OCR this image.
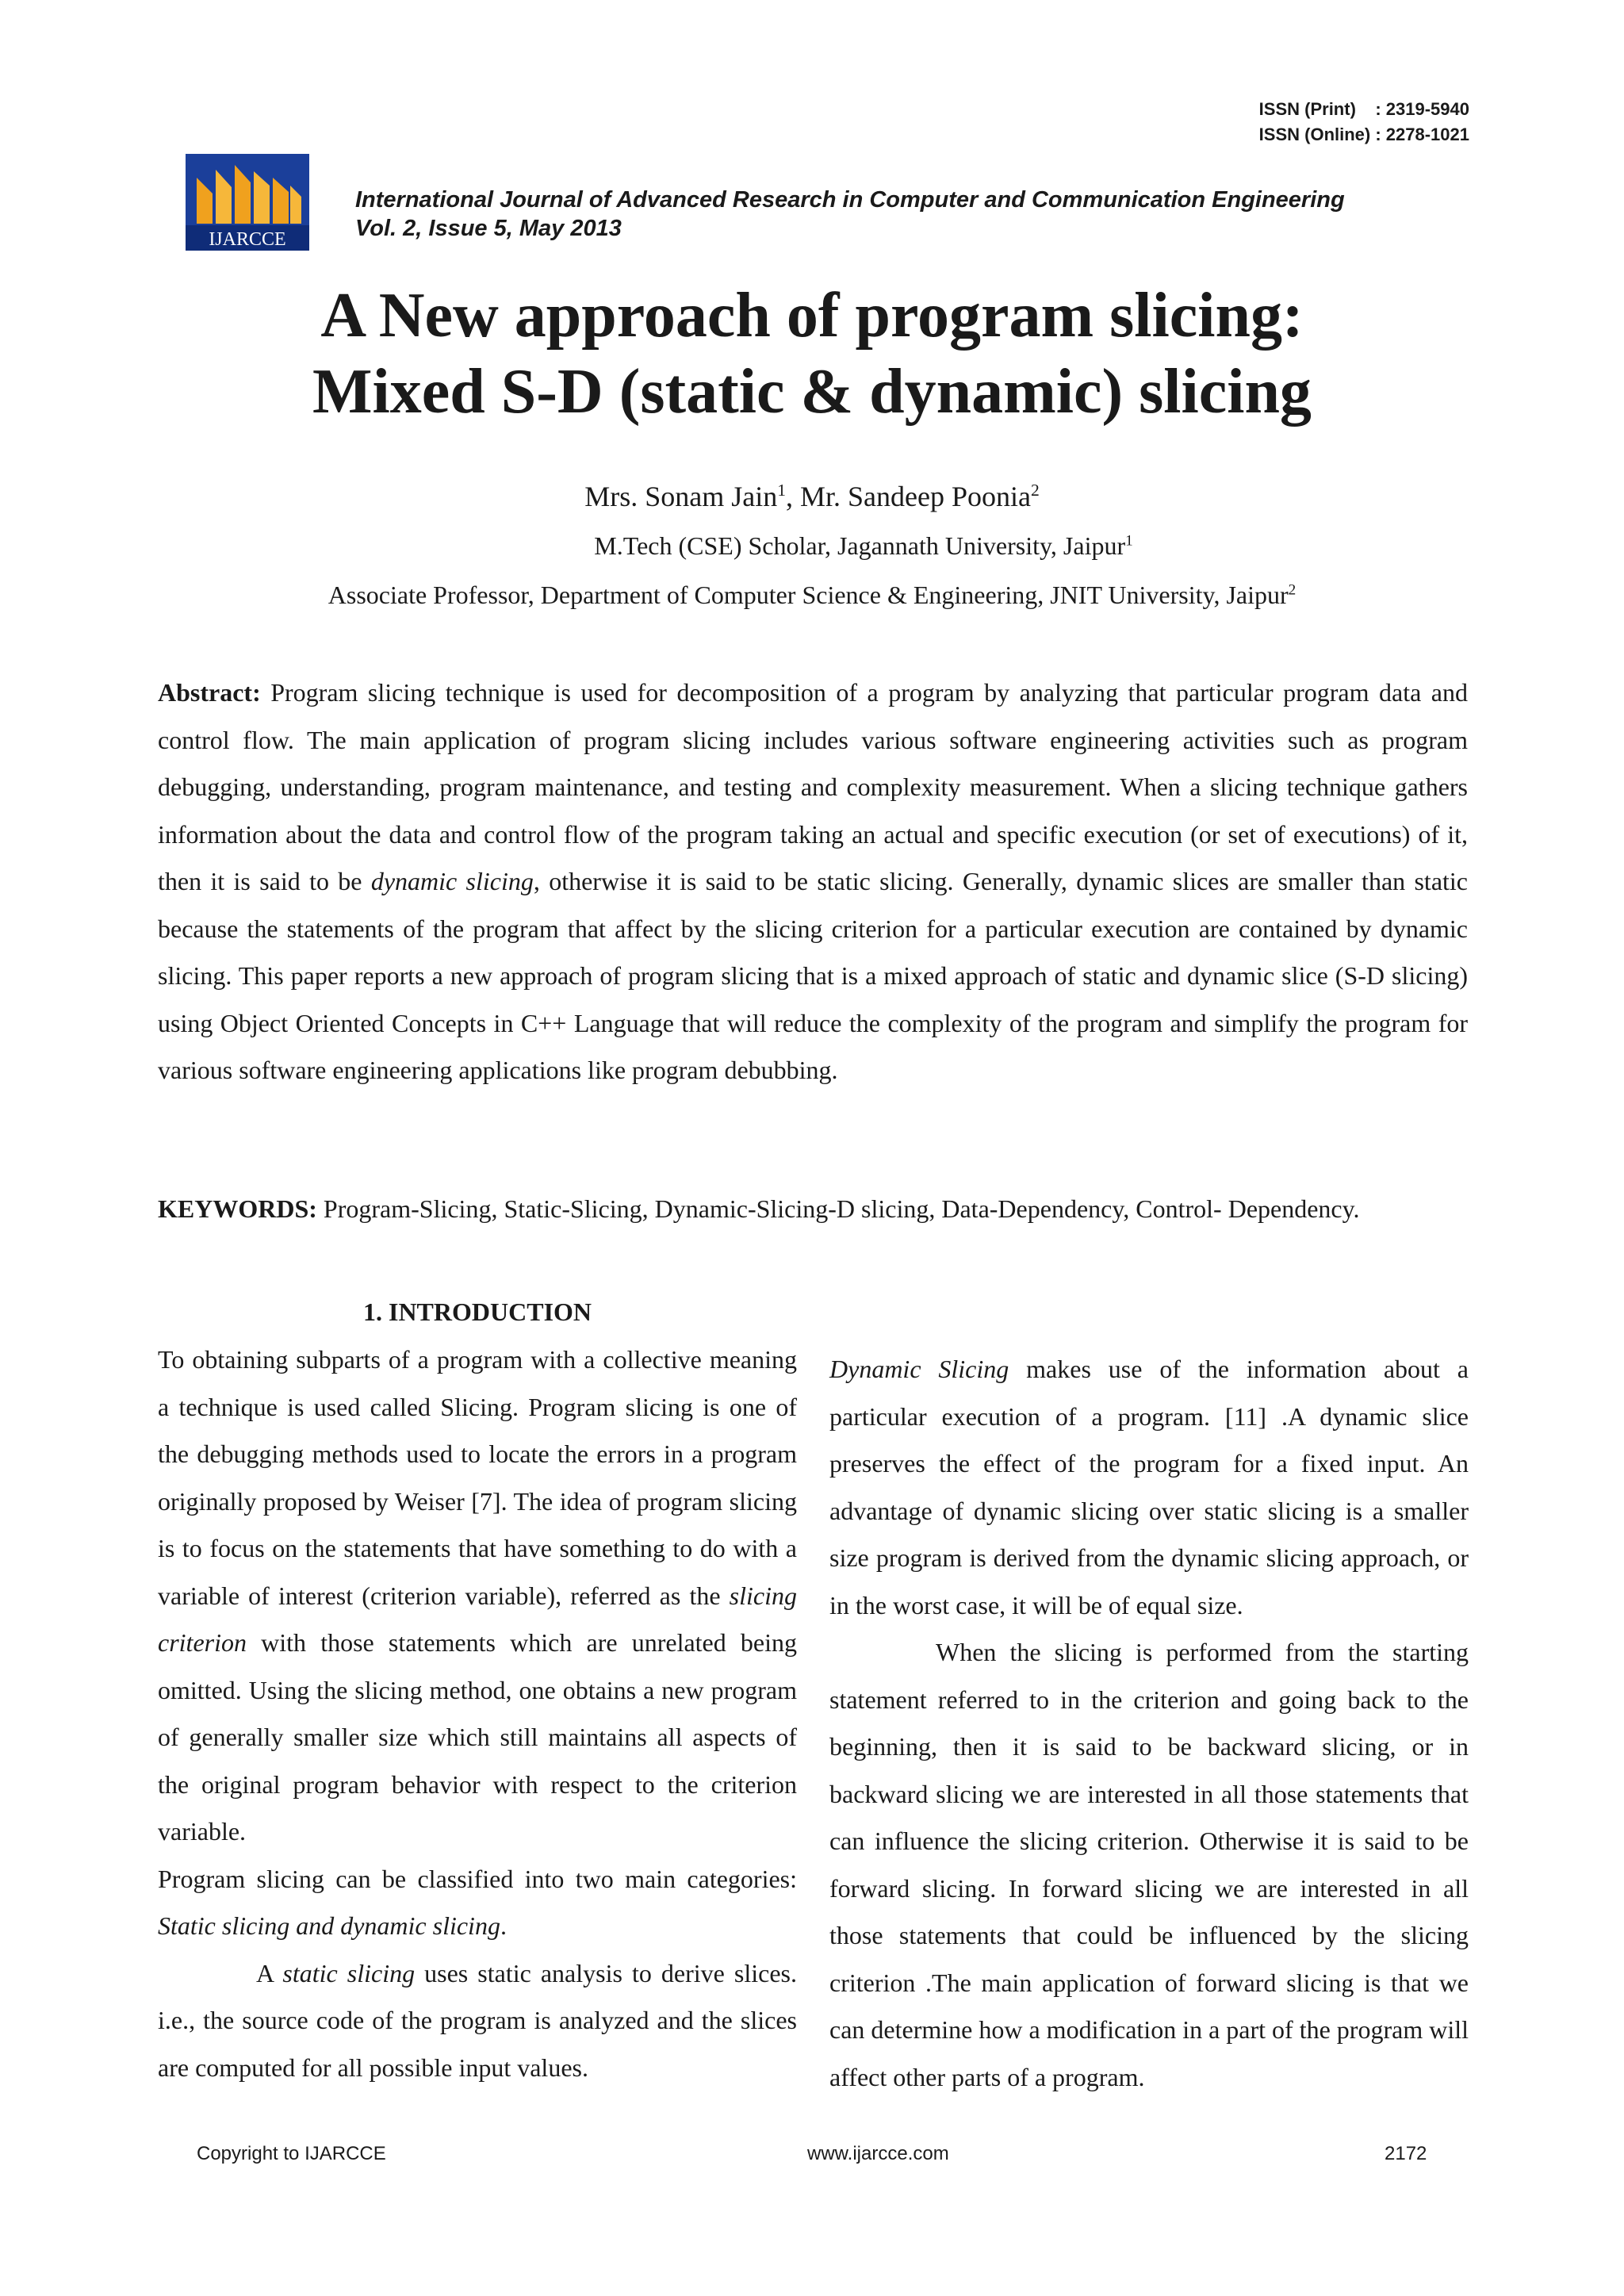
ISSN (Print)    : 2319-5940
ISSN (Online) : 2278-1021
IJARCCE
International Journal of Advanced Research in Computer and Communication Engineering
Vol. 2, Issue 5, May 2013
A New approach of program slicing:
Mixed S-D (static & dynamic) slicing
Mrs. Sonam Jain$^1$, Mr. Sandeep Poonia$^2$
M.Tech (CSE) Scholar, Jagannath University, Jaipur$^1$
Associate Professor, Department of Computer Science & Engineering, JNIT University, Jaipur$^2$
Abstract: Program slicing technique is used for decomposition of a program by analyzing that particular program data and control flow. The main application of program slicing includes various software engineering activities such as program debugging, understanding, program maintenance, and testing and complexity measurement. When a slicing technique gathers information about the data and control flow of the program taking an actual and specific execution (or set of executions) of it, then it is said to be dynamic slicing, otherwise it is said to be static slicing. Generally, dynamic slices are smaller than static because the statements of the program that affect by the slicing criterion for a particular execution are contained by dynamic slicing. This paper reports a new approach of program slicing that is a mixed approach of static and dynamic slice (S-D slicing) using Object Oriented Concepts in C++ Language that will reduce the complexity of the program and simplify the program for various software engineering applications like program debubbing.
KEYWORDS: Program-Slicing, Static-Slicing, Dynamic-Slicing-D slicing, Data-Dependency, Control- Dependency.
1. INTRODUCTION

To obtaining subparts of a program with a collective meaning a technique is used called Slicing. Program slicing is one of the debugging methods used to locate the errors in a program originally proposed by Weiser [7]. The idea of program slicing is to focus on the statements that have something to do with a variable of interest (criterion variable), referred as the slicing criterion with those statements which are unrelated being omitted. Using the slicing method, one obtains a new program of generally smaller size which still maintains all aspects of the original program behavior with respect to the criterion variable.

Program slicing can be classified into two main categories: Static slicing and dynamic slicing.

A static slicing uses static analysis to derive slices. i.e., the source code of the program is analyzed and the slices are computed for all possible input values.

Dynamic Slicing makes use of the information about a particular execution of a program. [11] .A dynamic slice preserves the effect of the program for a fixed input. An advantage of dynamic slicing over static slicing is a smaller size program is derived from the dynamic slicing approach, or in the worst case, it will be of equal size.

When the slicing is performed from the starting statement referred to in the criterion and going back to the beginning, then it is said to be backward slicing, or in backward slicing we are interested in all those statements that can influence the slicing criterion. Otherwise it is said to be forward slicing. In forward slicing we are interested in all those statements that could be influenced by the slicing criterion .The main application of forward slicing is that we can determine how a modification in a part of the program will affect other parts of a program.

Copyright to IJARCCE	www.ijarcce.com	2172
